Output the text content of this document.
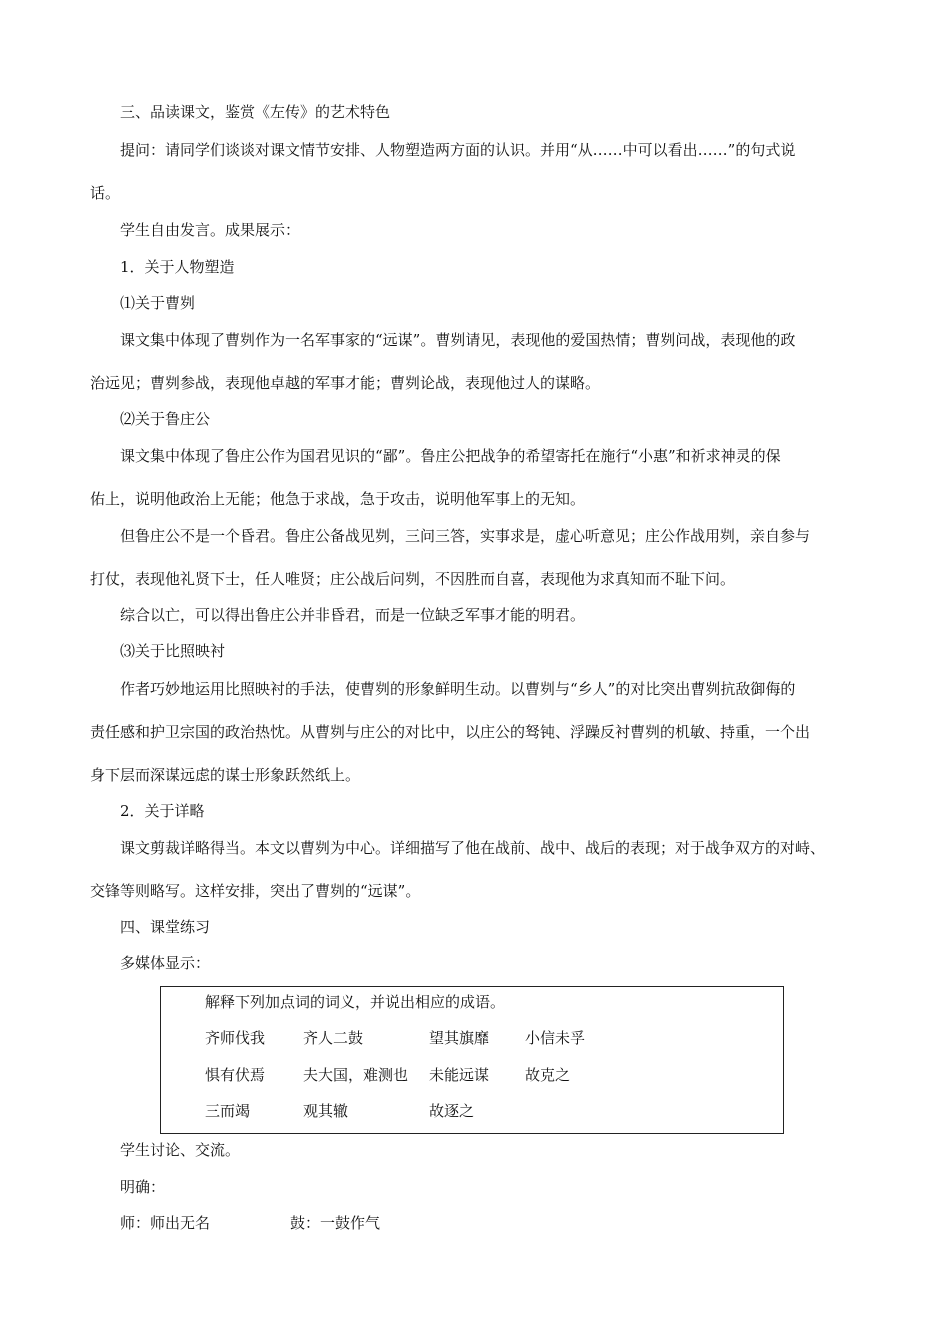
三、品读课文，鉴赏《左传》的艺术特色
提问：请同学们谈谈对课文情节安排、人物塑造两方面的认识。并用“从……中可以看出……”的句式说
话。
学生自由发言。成果展示：
1．关于人物塑造
⑴关于曹刿
课文集中体现了曹刿作为一名军事家的“远谋”。曹刿请见，表现他的爱国热情；曹刿问战，表现他的政
治远见；曹刿参战，表现他卓越的军事才能；曹刿论战，表现他过人的谋略。
⑵关于鲁庄公
课文集中体现了鲁庄公作为国君见识的“鄙”。鲁庄公把战争的希望寄托在施行“小惠”和祈求神灵的保
佑上，说明他政治上无能；他急于求战，急于攻击，说明他军事上的无知。
但鲁庄公不是一个昏君。鲁庄公备战见刿，三问三答，实事求是，虚心听意见；庄公作战用刿，亲自参与
打仗，表现他礼贤下士，任人唯贤；庄公战后问刿，不因胜而自喜，表现他为求真知而不耻下问。
综合以亡，可以得出鲁庄公并非昏君，而是一位缺乏军事才能的明君。
⑶关于比照映衬
作者巧妙地运用比照映衬的手法，使曹刿的形象鲜明生动。以曹刿与“乡人”的对比突出曹刿抗敌御侮的
责任感和护卫宗国的政治热忱。从曹刿与庄公的对比中，以庄公的驽钝、浮躁反衬曹刿的机敏、持重，一个出
身下层而深谋远虑的谋士形象跃然纸上。
2．关于详略
课文剪裁详略得当。本文以曹刿为中心。详细描写了他在战前、战中、战后的表现；对于战争双方的对峙、
交锋等则略写。这样安排，突出了曹刿的“远谋”。
四、课堂练习
多媒体显示：
解释下列加点词的词义，并说出相应的成语。
齐师伐我	齐人二鼓	望其旗靡 小信未孚
惧有伏焉	夫大国，难测也 未能远谋 故克之
三而竭	观其辙	故逐之
学生讨论、交流。
明确：
师：师出无名	鼓：一鼓作气
